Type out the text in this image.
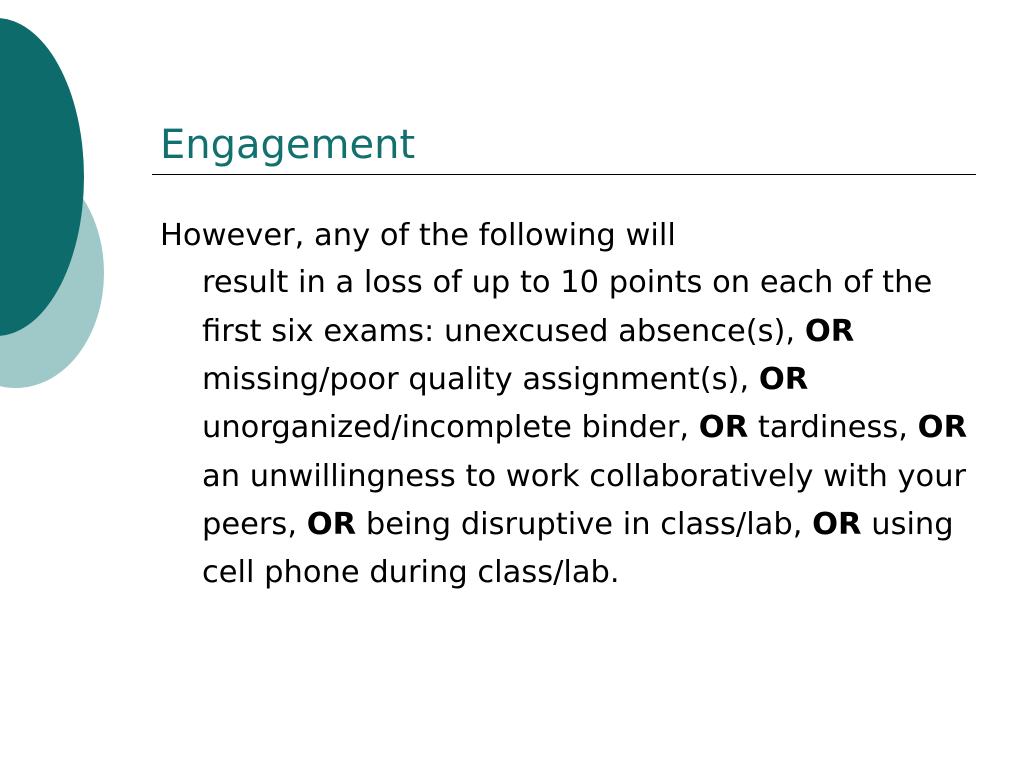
Engagement
However, any of the following will
result in a loss of up to 10 points on each of the first six exams: unexcused absence(s), OR missing/poor quality assignment(s), OR unorganized/incomplete binder, OR tardiness, OR an unwillingness to work collaboratively with your peers, OR being disruptive in class/lab, OR using cell phone during class/lab.
